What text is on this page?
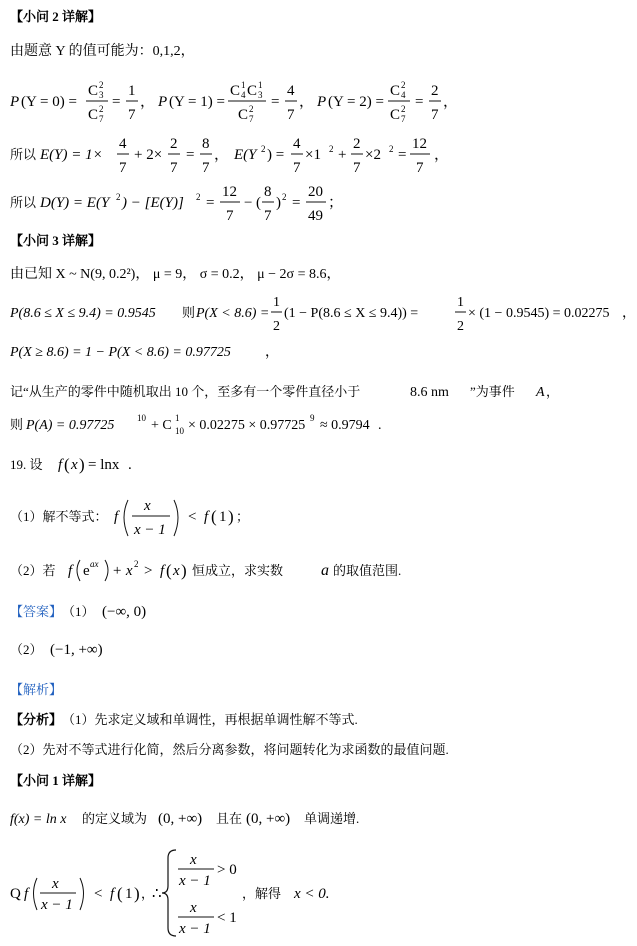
【小问 2 详解】
由题意 Y 的值可能为：0,1,2，
P (Y = 0) =
C 2
3
C 2
7
=
1
7
， P (Y = 1) =
C 1
4 C 1
3
C 2
7
=
4
7
， P (Y = 2) =
C 2
4
C 2
7
=
2
7
，
所以 E(Y) = 1×
4
7
+ 2×
2
7
=
8
7
， E(Y 2 ) =
4
7
×1 2 +
2
7
×2 2 =
12
7
，
所以 D(Y) = E(Y 2 ) − [E(Y)] 2 =
12
7
− (
8
7
) 2 =
20
49
；
【小问 3 详解】
由已知 X ~ N(9, 0.2²)， μ = 9， σ = 0.2， μ − 2σ = 8.6，
P(8.6 ≤ X ≤ 9.4) = 0.9545 则 P(X < 8.6) =
1
2
(1 − P(8.6 ≤ X ≤ 9.4)) =
1
2
× (1 − 0.9545) = 0.02275 ，
P(X ≥ 8.6) = 1 − P(X < 8.6) = 0.97725 ，
记“从生产的零件中随机取出 10 个，至多有一个零件直径小于	8.6 nm ”为事件 A ，
则 P(A) = 0.97725	10 + C 1
10 × 0.02275 × 0.97725 9 ≈ 0.9794 .
19. 设 f ( x ) = lnx .
（1）解不等式： f
x
x − 1
< f ( 1 ) ；
（2）若 f e ax + x 2 > f ( x ) 恒成立，求实数 a 的取值范围.
【 答案 】 （1） (−∞, 0)
（2） (−1, +∞)
【 解析 】
【 分析 】 （1）先求定义域和单调性，再根据单调性解不等式.
（2）先对不等式进行化简，然后分离参数，将问题转化为求函数的最值问题.
【小问 1 详解】
f(x) = ln x 的定义域为 (0, +∞) 且在 (0, +∞) 单调递增.
Q f
x
x − 1
< f ( 1 ) ，
∴
x
x − 1
> 0
x
x − 1
< 1
，解得 x < 0.
